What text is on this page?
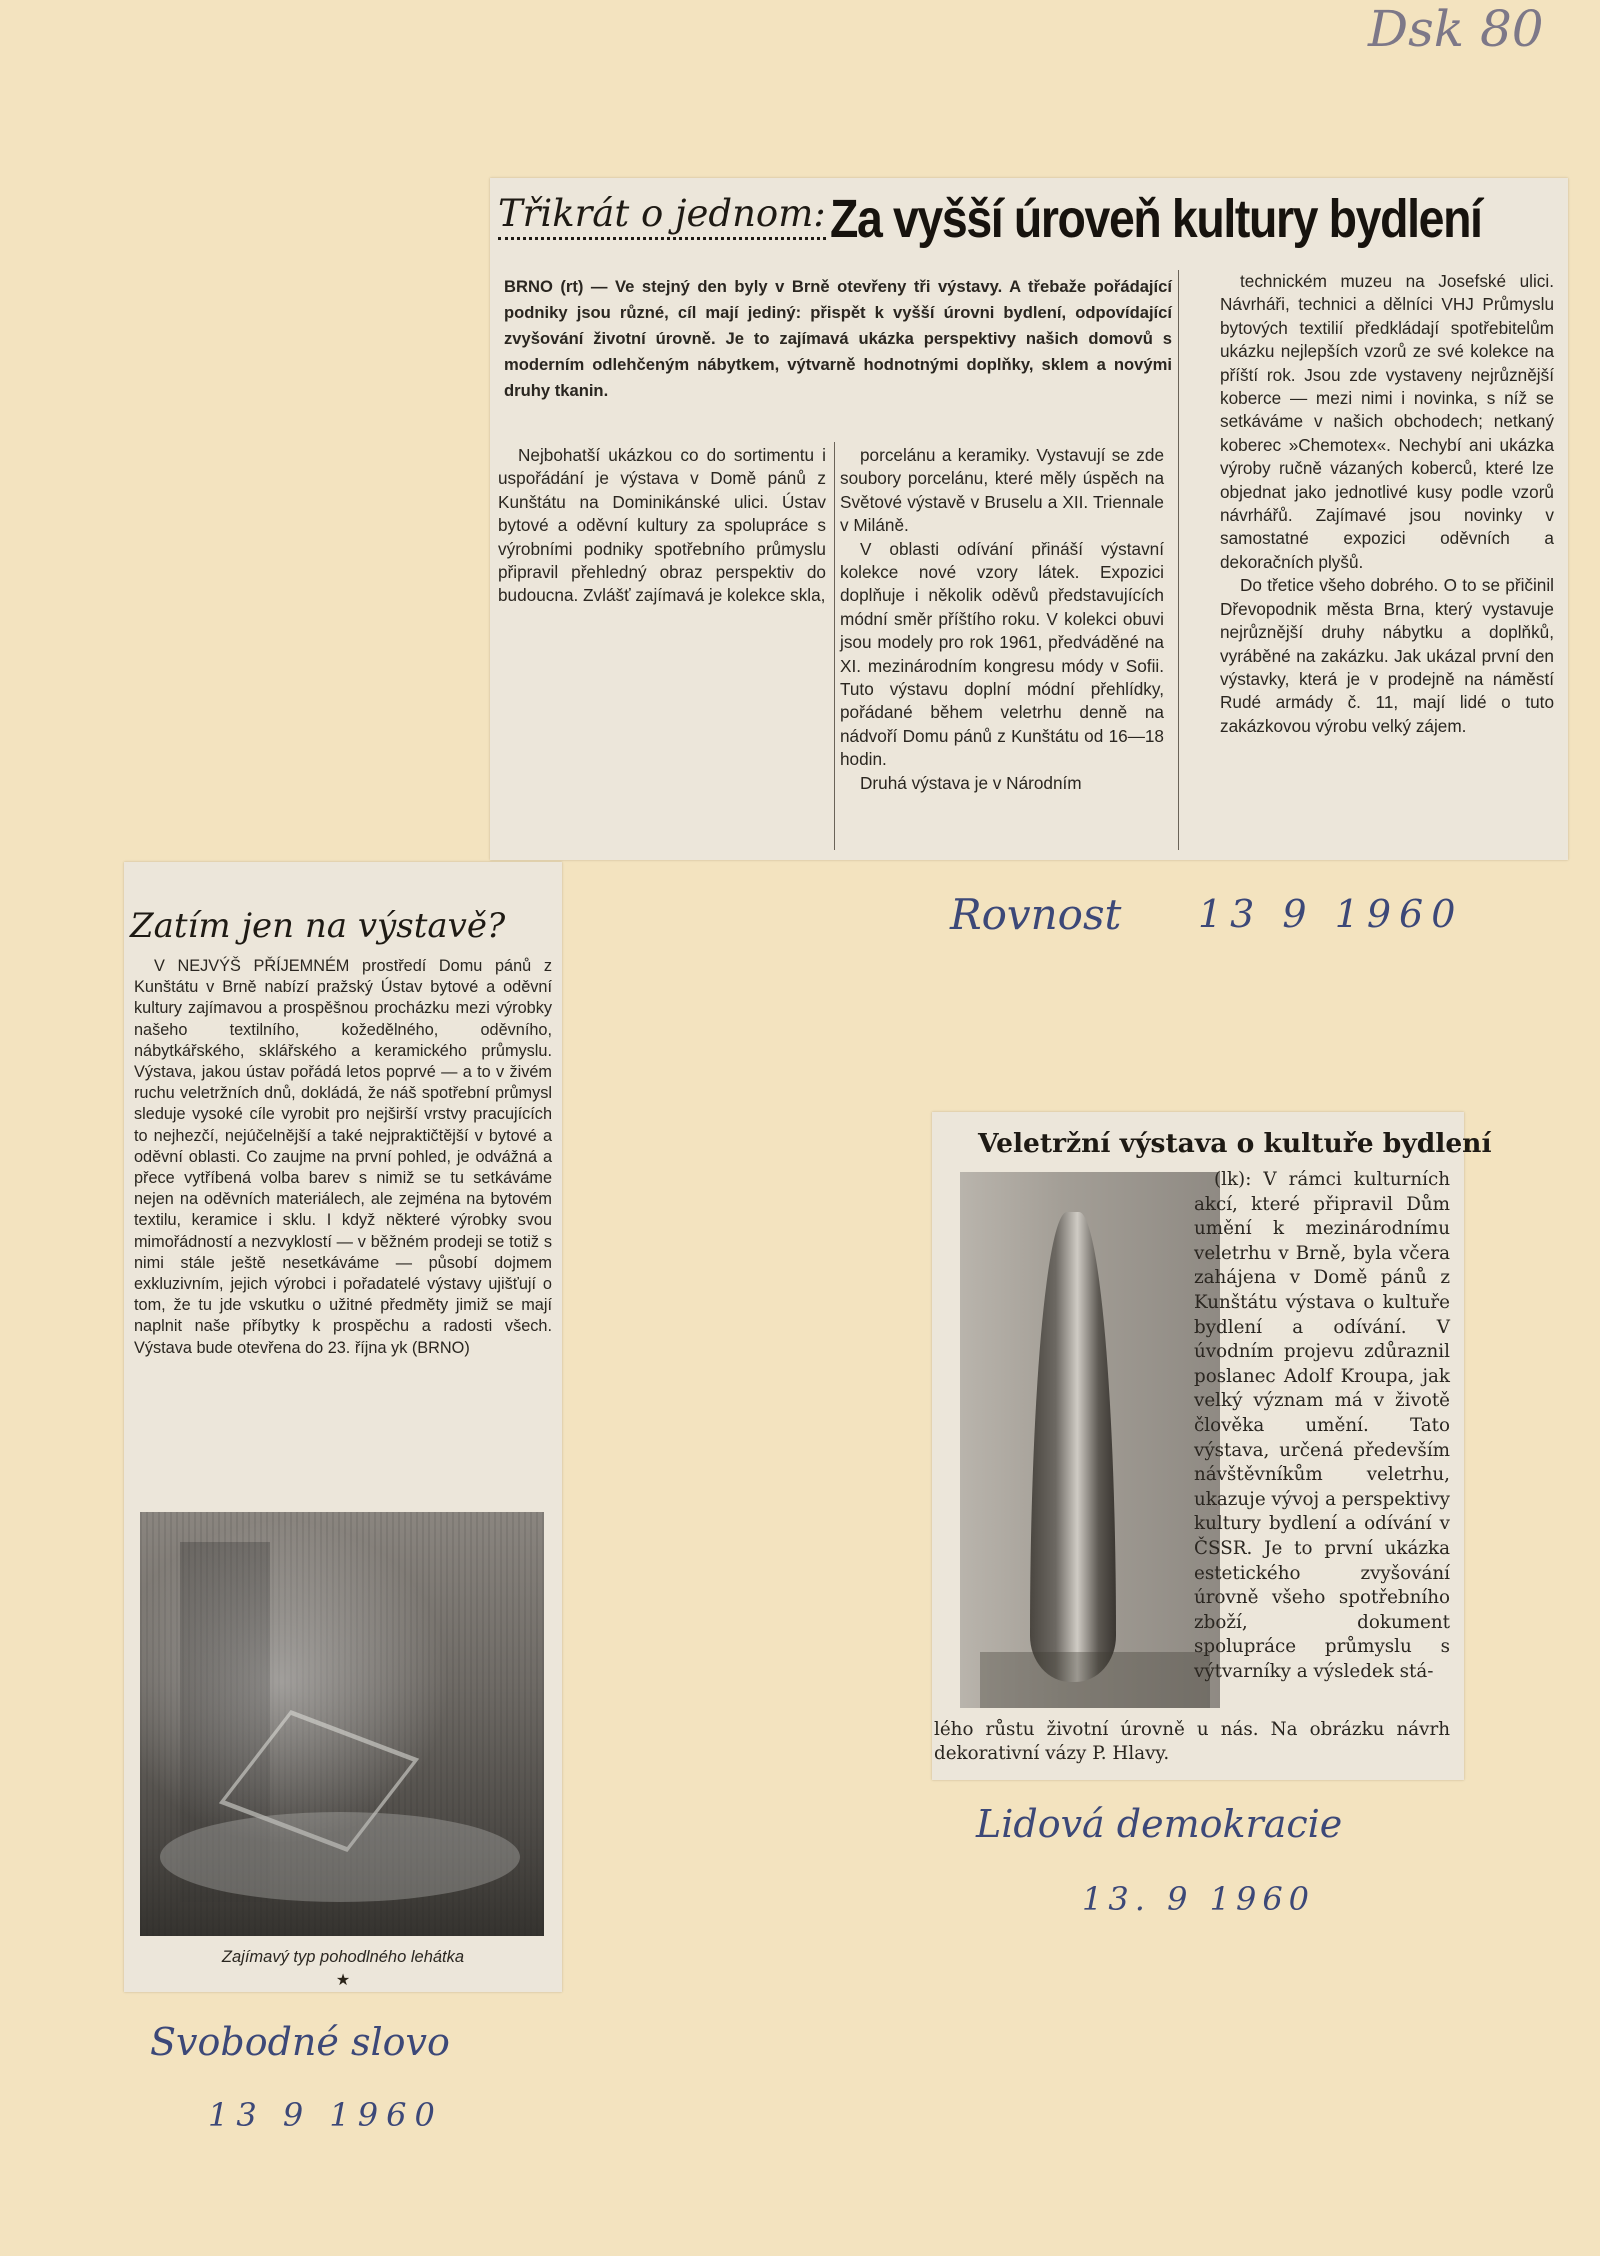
Dsk 80
Třikrát o jednom: Za vyšší úroveň kultury bydlení
BRNO (rt) — Ve stejný den byly v Brně otevřeny tři výstavy. A třebaže pořádající podniky jsou různé, cíl mají jediný: přispět k vyšší úrovni bydlení, odpovídající zvyšování životní úrovně. Je to zajímavá ukázka perspektivy našich domovů s moderním odlehčeným nábytkem, výtvarně hodnotnými doplňky, sklem a novými druhy tkanin.

Nejbohatší ukázkou co do sortimentu i uspořádání je výstava v Domě pánů z Kunštátu na Dominikánské ulici. Ústav bytové a oděvní kultury za spolupráce s výrobními podniky spotřebního průmyslu připravil přehledný obraz perspektiv do budoucna. Zvlášť zajímavá je kolekce skla,

porcelánu a keramiky. Vystavují se zde soubory porcelánu, které měly úspěch na Světové výstavě v Bruselu a XII. Triennale v Miláně.

V oblasti odívání přináší výstavní kolekce nové vzory látek. Expozici doplňuje i několik oděvů představujících módní směr příštího roku. V kolekci obuvi jsou modely pro rok 1961, předváděné na XI. mezinárodním kongresu módy v Sofii. Tuto výstavu doplní módní přehlídky, pořádané během veletrhu denně na nádvoří Domu pánů z Kunštátu od 16—18 hodin.

Druhá výstava je v Národním

technickém muzeu na Josefské ulici. Návrháři, technici a dělníci VHJ Průmyslu bytových textilií předkládají spotřebitelům ukázku nejlepších vzorů ze své kolekce na příští rok. Jsou zde vystaveny nejrůznější koberce — mezi nimi i novinka, s níž se setkáváme v našich obchodech; netkaný koberec »Chemotex«. Nechybí ani ukázka výroby ručně vázaných koberců, které lze objednat jako jednotlivé kusy podle vzorů návrhářů. Zajímavé jsou novinky v samostatné expozici oděvních a dekoračních plyšů.

Do třetice všeho dobrého. O to se přičinil Dřevopodnik města Brna, který vystavuje nejrůznější druhy nábytku a doplňků, vyráběné na zakázku. Jak ukázal první den výstavky, která je v prodejně na náměstí Rudé armády č. 11, mají lidé o tuto zakázkovou výrobu velký zájem.

Rovnost 13 9 1960
Zatím jen na výstavě?

V NEJVÝŠ PŘÍJEMNÉM prostředí Domu pánů z Kunštátu v Brně nabízí pražský Ústav bytové a oděvní kultury zajímavou a prospěšnou procházku mezi výrobky našeho textilního, kožedělného, oděvního, nábytkářského, sklářského a keramického průmyslu. Výstava, jakou ústav pořádá letos poprvé — a to v živém ruchu veletržních dnů, dokládá, že náš spotřební průmysl sleduje vysoké cíle vyrobit pro nejširší vrstvy pracujících to nejhezčí, nejúčelnější a také nejpraktičtější v bytové a oděvní oblasti. Co zaujme na první pohled, je odvážná a přece vytříbená volba barev s nimiž se tu setkáváme nejen na oděvních materiálech, ale zejména na bytovém textilu, keramice i sklu. I když některé výrobky svou mimořádností a nezvyklostí — v běžném prodeji se totiž s nimi stále ještě nesetkáváme — působí dojmem exkluzivním, jejich výrobci i pořadatelé výstavy ujišťují o tom, že tu jde vskutku o užitné předměty jimiž se mají naplnit naše příbytky k prospěchu a radosti všech. Výstava bude otevřena do 23. října yk (BRNO)

Zajímavý typ pohodlného lehátka
★
Svobodné slovo
13 9 1960
Veletržní výstava o kultuře bydlení

(lk): V rámci kulturních akcí, které připravil Dům umění k mezinárodnímu veletrhu v Brně, byla včera zahájena v Domě pánů z Kunštátu výstava o kultuře bydlení a odívání. V úvodním projevu zdůraznil poslanec Adolf Kroupa, jak velký význam má v životě člověka umění. Tato výstava, určená především návštěvníkům veletrhu, ukazuje vývoj a perspektivy kultury bydlení a odívání v ČSSR. Je to první ukázka estetického zvyšování úrovně všeho spotřebního zboží, dokument spolupráce průmyslu s výtvarníky a výsledek stá-

lého růstu životní úrovně u nás. Na obrázku návrh dekorativní vázy P. Hlavy.

Lidová demokracie
13. 9 1960
